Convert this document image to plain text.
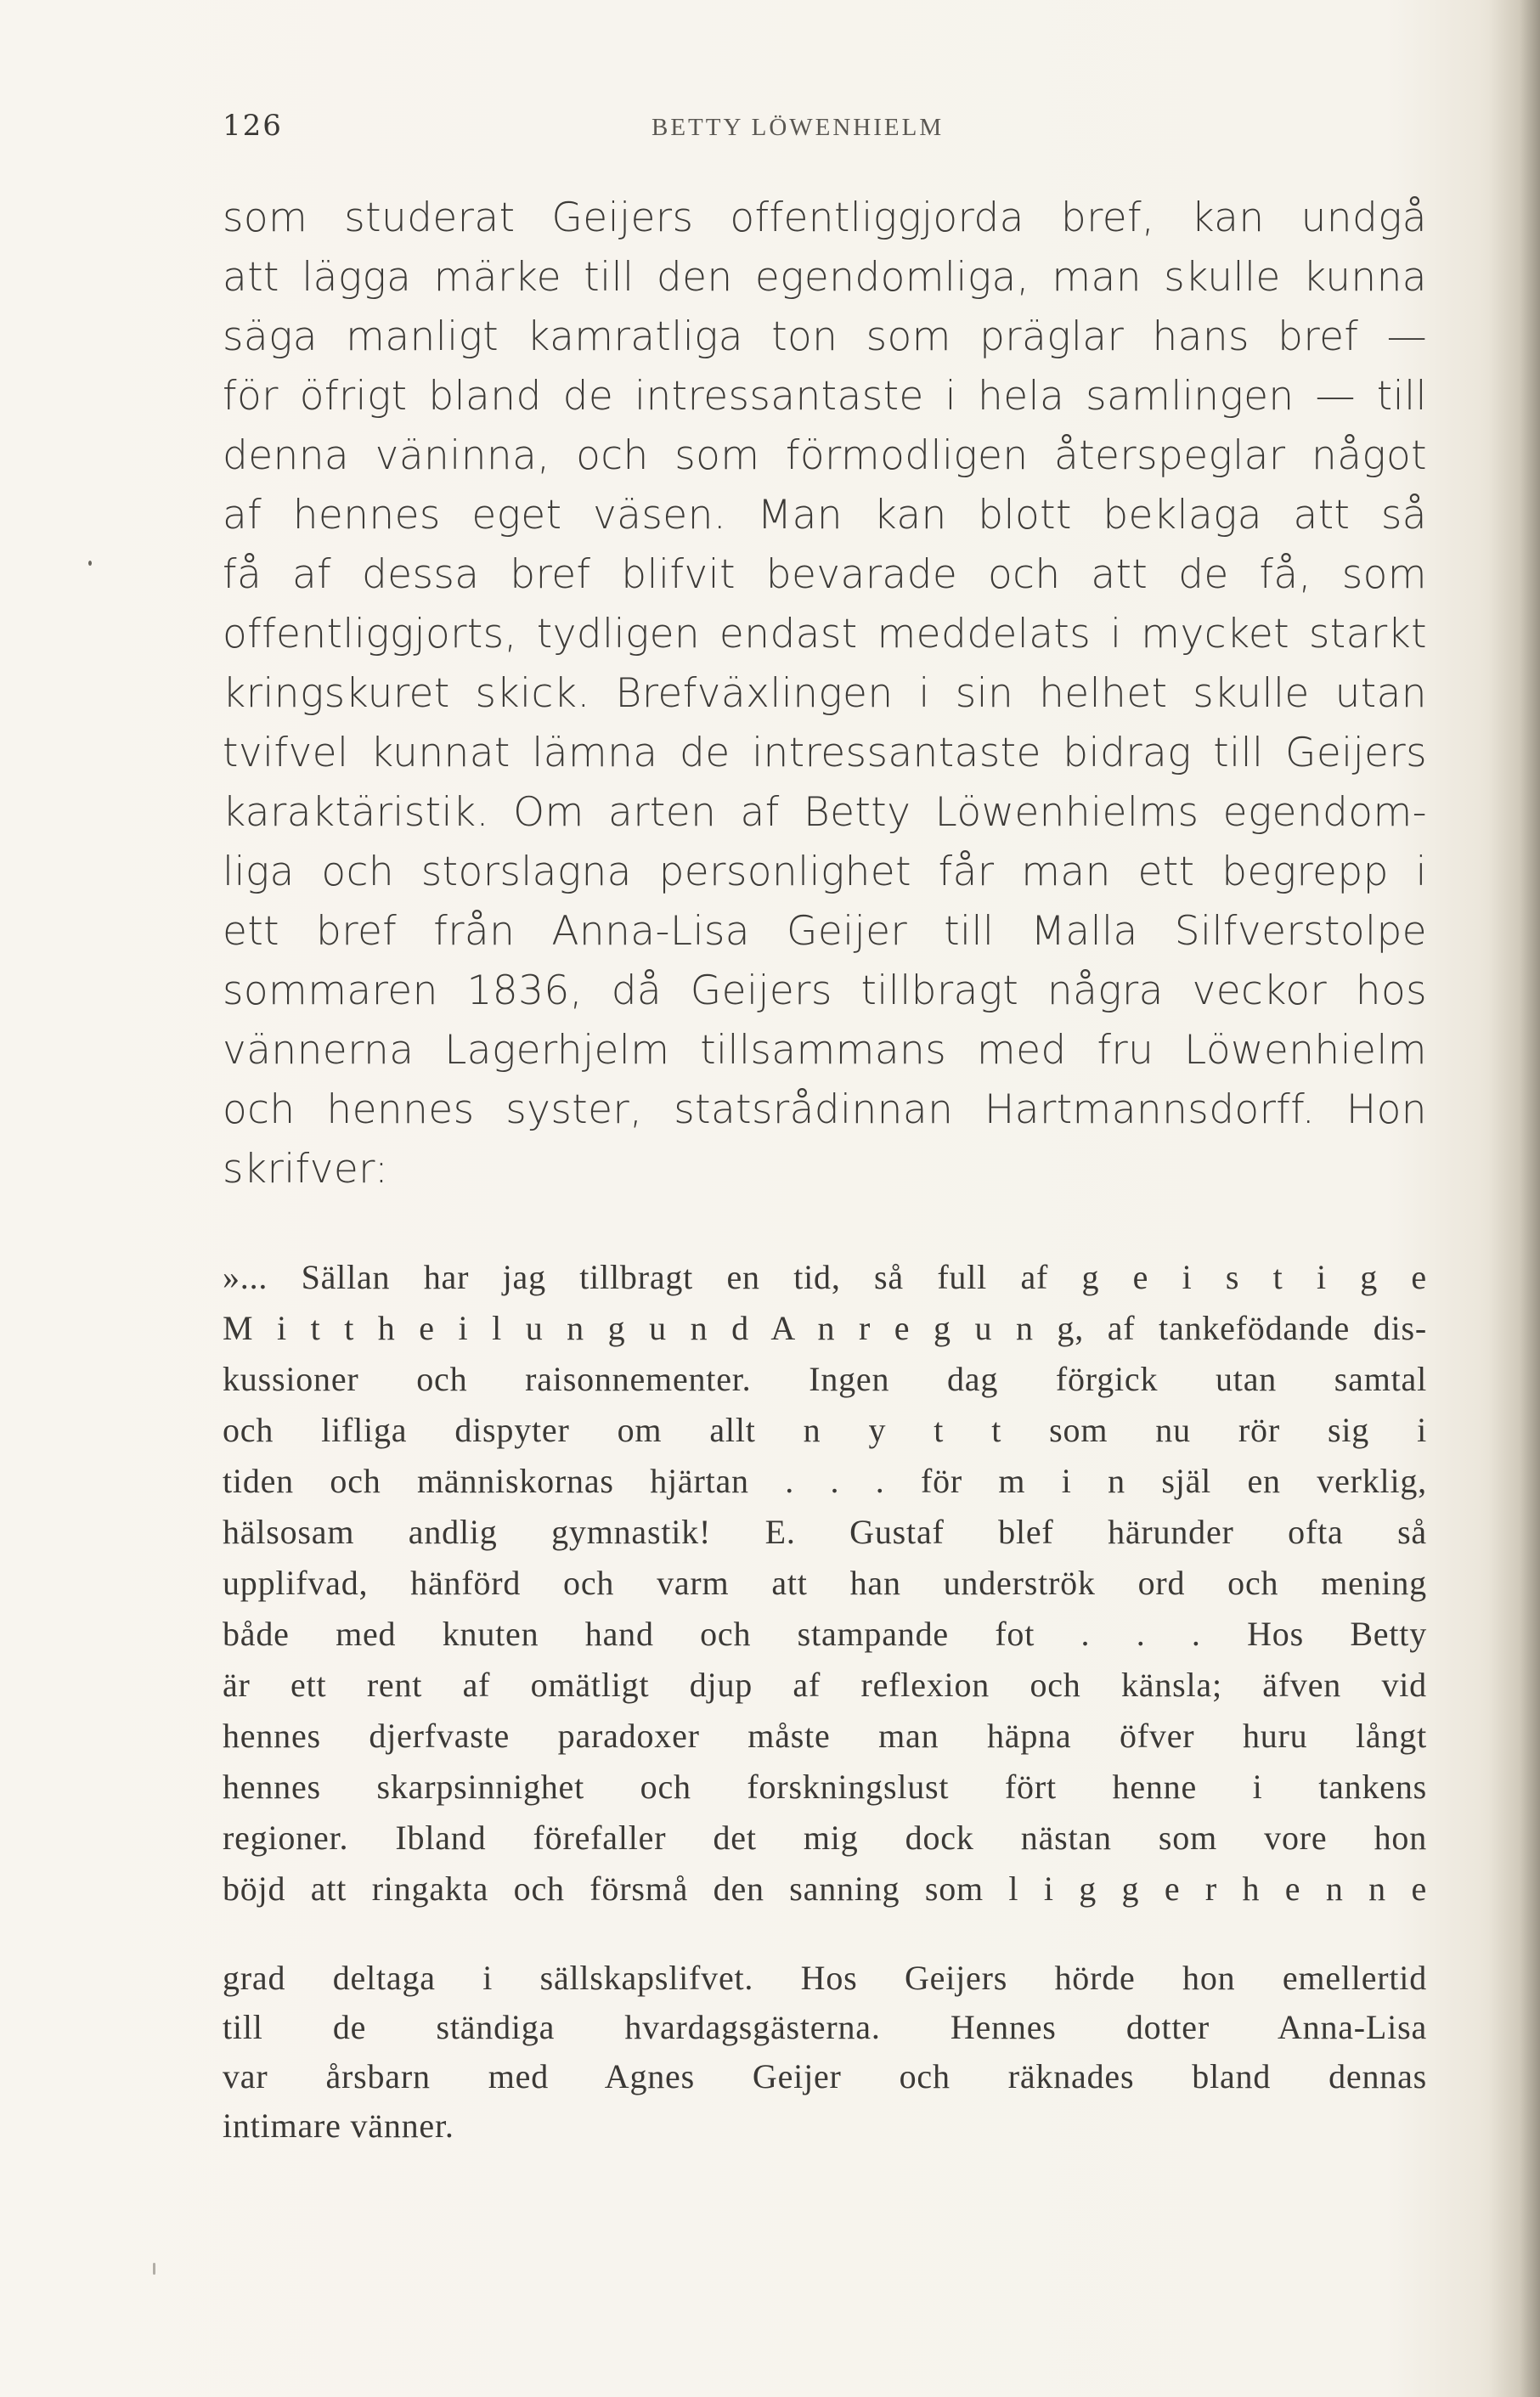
126	BETTY LÖWENHIELM
som studerat Geijers offentliggjorda bref, kan undgå
att lägga märke till den egendomliga, man skulle kunna
säga manligt kamratliga ton som präglar hans bref —
för öfrigt bland de intressantaste i hela samlingen — till
denna väninna, och som förmodligen återspeglar något
af hennes eget väsen. Man kan blott beklaga att så
få af dessa bref blifvit bevarade och att de få, som
offentliggjorts, tydligen endast meddelats i mycket starkt
kringskuret skick. Brefväxlingen i sin helhet skulle utan
tvifvel kunnat lämna de intressantaste bidrag till Geijers
karaktäristik. Om arten af Betty Löwenhielms egendom-
liga och storslagna personlighet får man ett begrepp i
ett bref från Anna-Lisa Geijer till Malla Silfverstolpe
sommaren 1836, då Geijers tillbragt några veckor hos
vännerna Lagerhjelm tillsammans med fru Löwenhielm
och hennes syster, statsrådinnan Hartmannsdorff. Hon
skrifver:
»... Sällan har jag tillbragt en tid, så full af g e i s t i g e
M i t t h e i l u n g u n d A n r e g u n g, af tankefödande dis-
kussioner och raisonnementer. Ingen dag förgick utan samtal
och lifliga dispyter om allt n y t t som nu rör sig i
tiden och människornas hjärtan . . . för m i n själ en verklig,
hälsosam andlig gymnastik! E. Gustaf blef härunder ofta så
upplifvad, hänförd och varm att han underströk ord och mening
både med knuten hand och stampande fot . . . Hos Betty
är ett rent af omätligt djup af reflexion och känsla; äfven vid
hennes djerfvaste paradoxer måste man häpna öfver huru långt
hennes skarpsinnighet och forskningslust fört henne i tankens
regioner. Ibland förefaller det mig dock nästan som vore hon
böjd att ringakta och försmå den sanning som l i g g e r h e n n e
grad deltaga i sällskapslifvet. Hos Geijers hörde hon emellertid
till de ständiga hvardagsgästerna. Hennes dotter Anna-Lisa
var årsbarn med Agnes Geijer och räknades bland dennas
intimare vänner.
